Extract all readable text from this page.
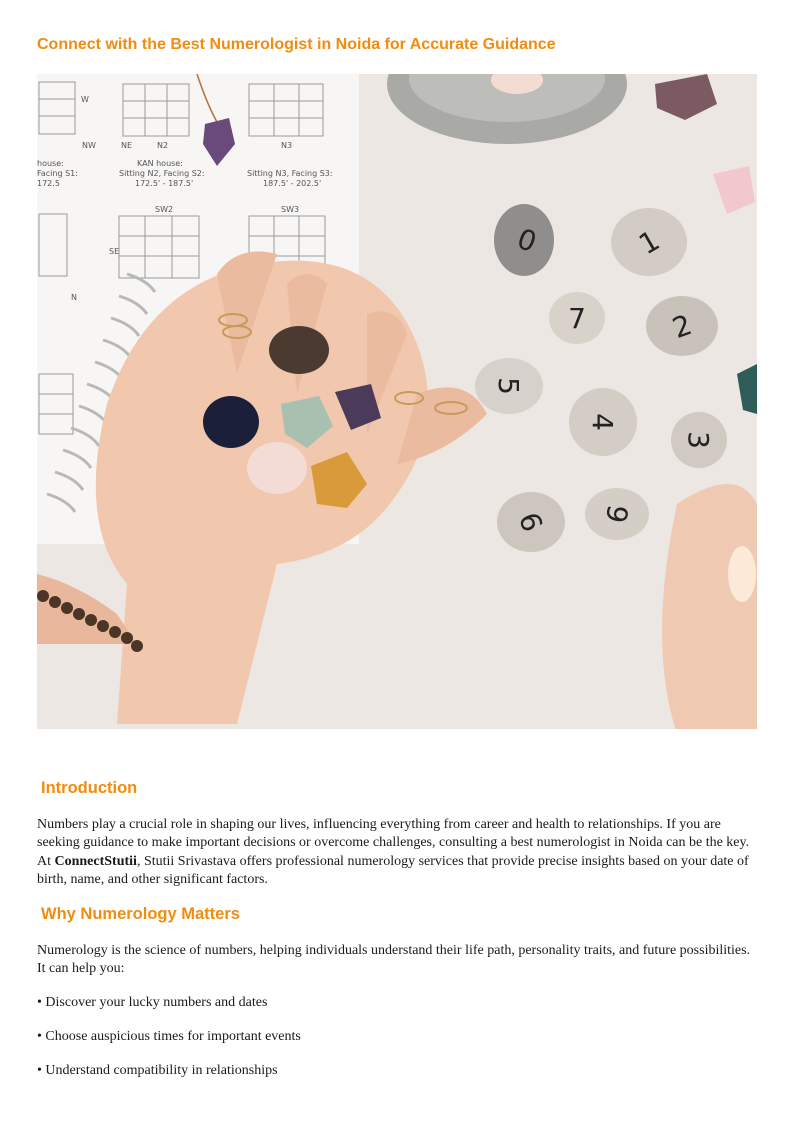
Connect with the Best Numerologist in Noida for Accurate Guidance
W
NW	NE	N2	N3
KAN house:
Sitting N2, Facing S2:
172.5' - 187.5'
Sitting N3, Facing S3:
187.5' - 202.5'
SW2	SW3
SE
N
house:
Facing S1:
172.5
0	1
7	2
5
4
3
6 9
Introduction

Numbers play a crucial role in shaping our lives, influencing everything from career and health to relationships. If you are seeking guidance to make important decisions or overcome challenges, consulting a best numerologist in Noida can be the key. At ConnectStutii, Stutii Srivastava offers professional numerology services that provide precise insights based on your date of birth, name, and other significant factors.

Why Numerology Matters

Numerology is the science of numbers, helping individuals understand their life path, personality traits, and future possibilities. It can help you:

• Discover your lucky numbers and dates

• Choose auspicious times for important events

• Understand compatibility in relationships
